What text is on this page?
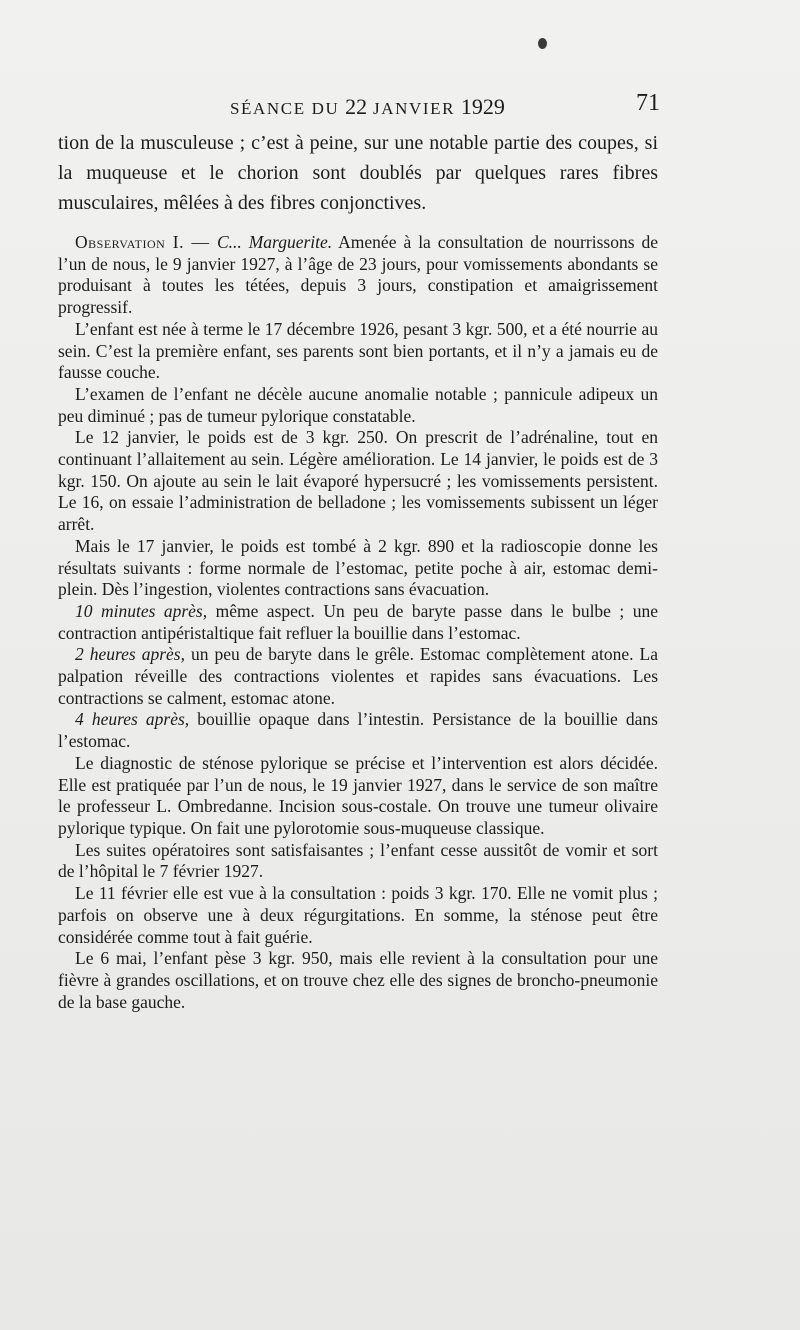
SÉANCE DU 22 JANVIER 1929	71

tion de la musculeuse ; c’est à peine, sur une notable partie des coupes, si la muqueuse et le chorion sont doublés par quelques rares fibres musculaires, mêlées à des fibres conjonctives.

Observation I. — C... Marguerite. Amenée à la consultation de nourrissons de l’un de nous, le 9 janvier 1927, à l’âge de 23 jours, pour vomissements abondants se produisant à toutes les tétées, depuis 3 jours, constipation et amaigrissement progressif.

L’enfant est née à terme le 17 décembre 1926, pesant 3 kgr. 500, et a été nourrie au sein. C’est la première enfant, ses parents sont bien portants, et il n’y a jamais eu de fausse couche.

L’examen de l’enfant ne décèle aucune anomalie notable ; pannicule adipeux un peu diminué ; pas de tumeur pylorique constatable.

Le 12 janvier, le poids est de 3 kgr. 250. On prescrit de l’adrénaline, tout en continuant l’allaitement au sein. Légère amélioration. Le 14 janvier, le poids est de 3 kgr. 150. On ajoute au sein le lait évaporé hypersucré ; les vomissements persistent. Le 16, on essaie l’administration de belladone ; les vomissements subissent un léger arrêt.

Mais le 17 janvier, le poids est tombé à 2 kgr. 890 et la radioscopie donne les résultats suivants : forme normale de l’estomac, petite poche à air, estomac demi-plein. Dès l’ingestion, violentes contractions sans évacuation.

10 minutes après, même aspect. Un peu de baryte passe dans le bulbe ; une contraction antipéristaltique fait refluer la bouillie dans l’estomac.

2 heures après, un peu de baryte dans le grêle. Estomac complètement atone. La palpation réveille des contractions violentes et rapides sans évacuations. Les contractions se calment, estomac atone.

4 heures après, bouillie opaque dans l’intestin. Persistance de la bouillie dans l’estomac.

Le diagnostic de sténose pylorique se précise et l’intervention est alors décidée. Elle est pratiquée par l’un de nous, le 19 janvier 1927, dans le service de son maître le professeur L. Ombredanne. Incision sous-costale. On trouve une tumeur olivaire pylorique typique. On fait une pylorotomie sous-muqueuse classique.

Les suites opératoires sont satisfaisantes ; l’enfant cesse aussitôt de vomir et sort de l’hôpital le 7 février 1927.

Le 11 février elle est vue à la consultation : poids 3 kgr. 170. Elle ne vomit plus ; parfois on observe une à deux régurgitations. En somme, la sténose peut être considérée comme tout à fait guérie.

Le 6 mai, l’enfant pèse 3 kgr. 950, mais elle revient à la consultation pour une fièvre à grandes oscillations, et on trouve chez elle des signes de broncho-pneumonie de la base gauche.
